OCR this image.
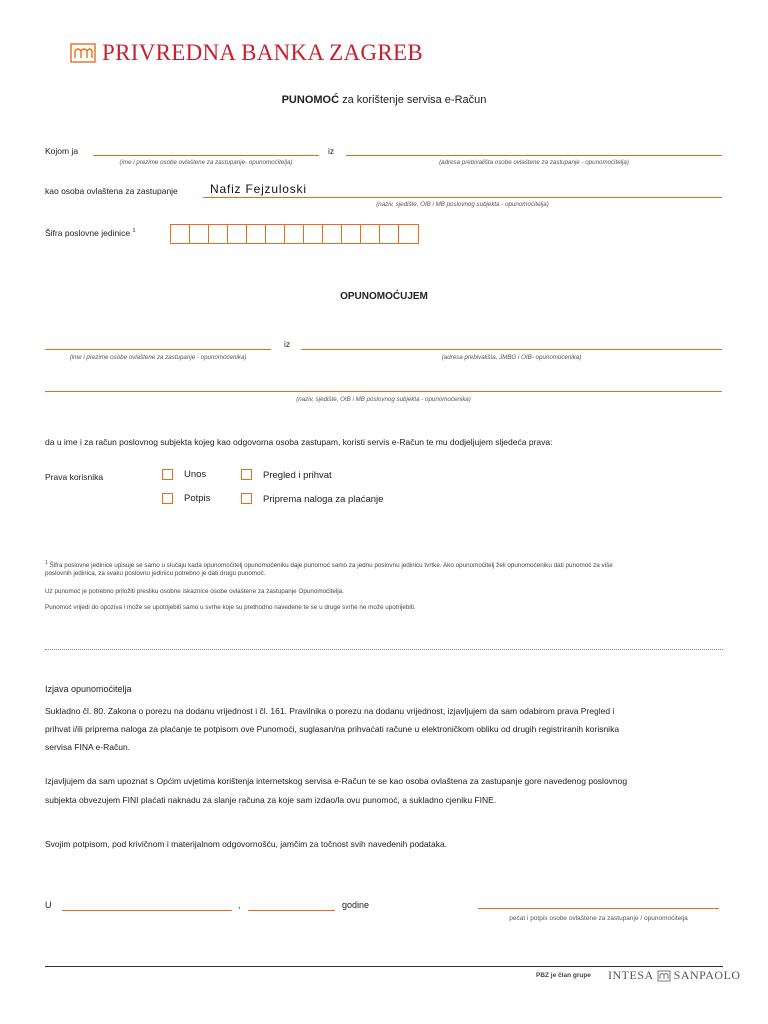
PRIVREDNA BANKA ZAGREB
PUNOMOĆ za korištenje servisa e-Račun
Kojom ja	iz
(ime i prezime osobe ovlaštene za zastupanje- opunomoćitelja)	(adresa prebivališta osobe ovlaštene za zastupanje - opunomoćitelja)
kao osoba ovlaštena za zastupanje	Nafiz Fejzuloski
(naziv, sjedište, OIB i MB poslovnog subjekta - opunomoćitelja)
Šifra poslovne jedinice $^1$
OPUNOMOĆUJEM
iz
(ime i prezime osobe ovlaštene za zastupanje - opunomoćenika)	(adresa prebivališta, JMBG i OIB- opunomoćenika)
(naziv, sjedište, OIB i MB poslovnog subjekta - opunomoćenika)
da u ime i za račun poslovnog subjekta kojeg kao odgovorna osoba zastupam, koristi servis e-Račun te mu dodjeljujem sljedeća prava:
Prava korisnika	Unos	Pregled i prihvat
Potpis	Priprema naloga za plaćanje
$^1$ Šifra poslovne jedinice upisuje se samo u slučaju kada opunomoćitelj opunomoćeniku daje punomoć samo za jednu poslovnu jedinicu tvrtke. Ako opunomoćitelj želi opunomoćeniku dati punomoć za više
poslovnih jedinica, za svaku poslovnu jedinicu potrebno je dati drugu punomoć.
Uz punomoć je potrebno priložiti presliku osobne iskaznice osobe ovlaštene za zastupanje Opunomoćitelja.
Punomoć vrijedi do opoziva i može se upotrijebiti samo u svrhe koje su prethodno navedene te se u druge svrhe ne može upotrijebiti.
Izjava opunomoćitelja
Sukladno čl. 80. Zakona o porezu na dodanu vrijednost i čl. 161. Pravilnika o porezu na dodanu vrijednost, izjavljujem da sam odabirom prava Pregled i
prihvat i/ili priprema naloga za plaćanje te potpisom ove Punomoći, suglasan/na prihvaćati račune u elektroničkom obliku od drugih registriranih korisnika
servisa FINA e-Račun.
Izjavljujem da sam upoznat s Općim uvjetima korištenja internetskog servisa e-Račun te se kao osoba ovlaštena za zastupanje gore navedenog poslovnog
subjekta obvezujem FINI plaćati naknadu za slanje računa za koje sam izdao/la ovu punomoć, a sukladno cjeniku FINE.
Svojim potpisom, pod krivičnom i materijalnom odgovornošću, jamčim za točnost svih navedenih podataka.
U	,	godine
pečat i potpis osobe ovlaštene za zastupanje / opunomoćitelja
PBZ je član grupe INTESA SANPAOLO
